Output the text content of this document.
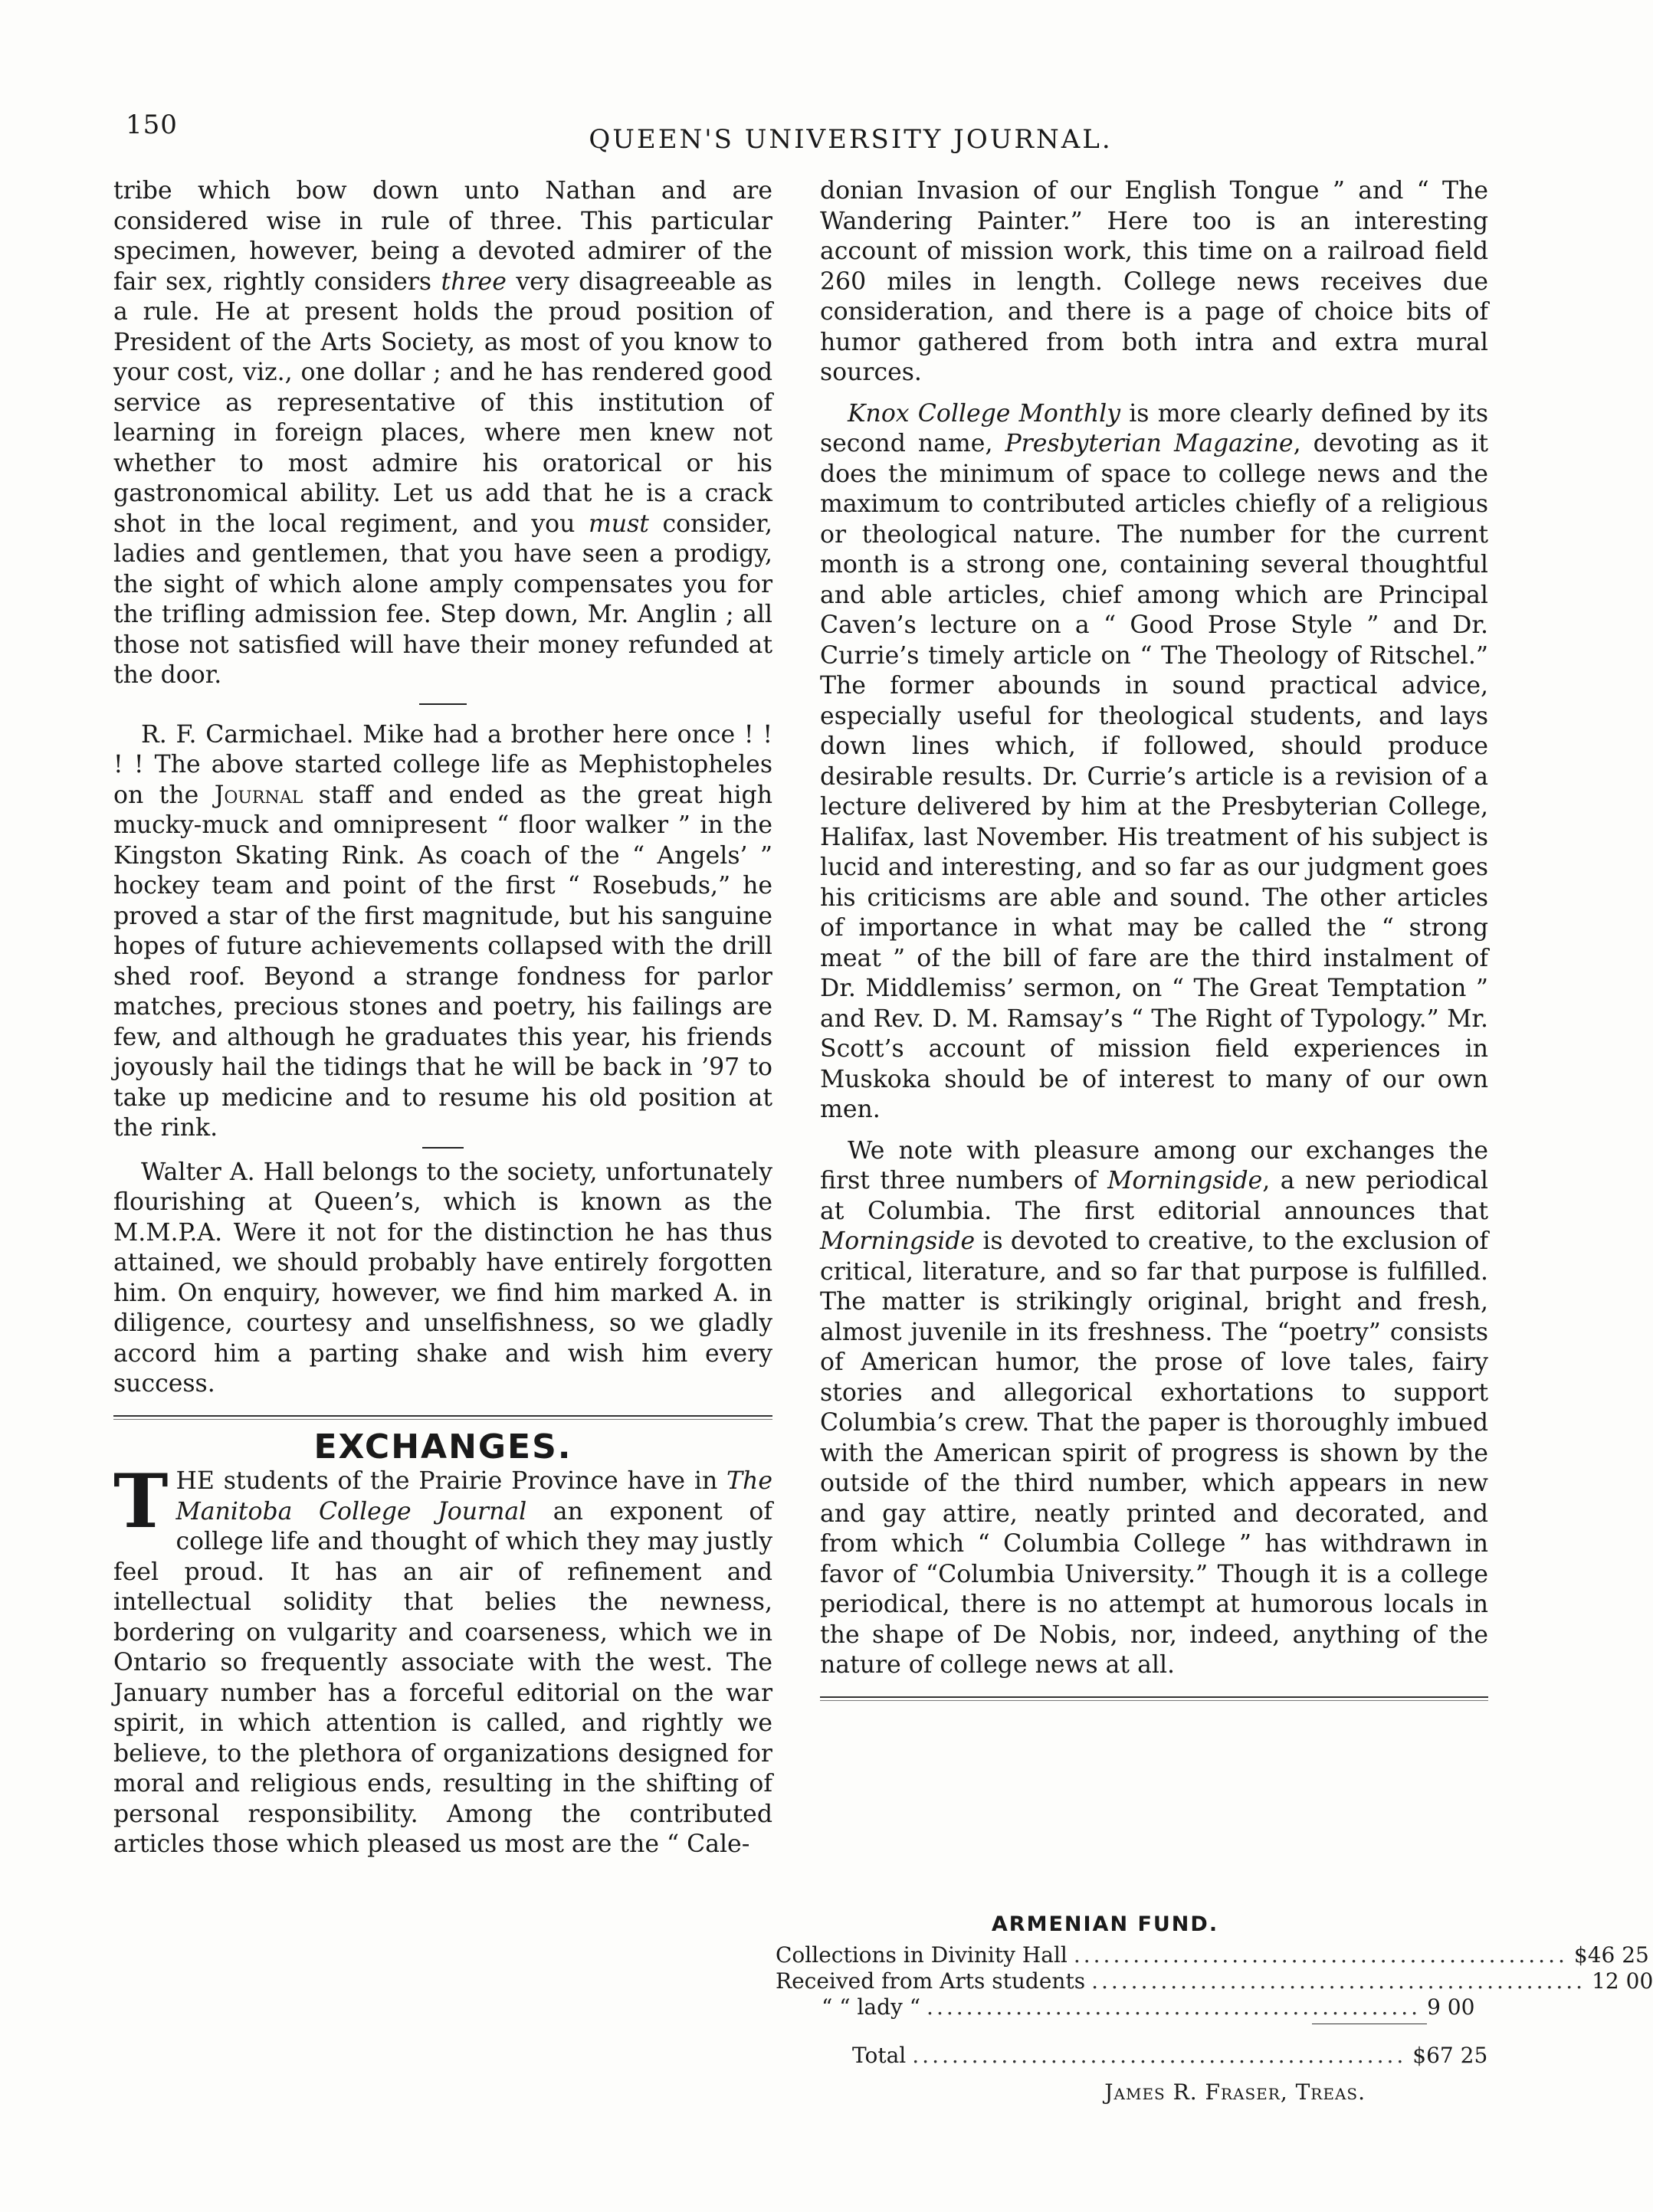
150	QUEEN'S UNIVERSITY JOURNAL.

tribe which bow down unto Nathan and are considered wise in rule of three. This particular specimen, however, being a devoted admirer of the fair sex, rightly considers three very disagreeable as a rule. He at present holds the proud position of President of the Arts Society, as most of you know to your cost, viz., one dollar ; and he has rendered good service as representative of this institution of learning in foreign places, where men knew not whether to most admire his oratorical or his gastronomical ability. Let us add that he is a crack shot in the local regiment, and you must consider, ladies and gentlemen, that you have seen a prodigy, the sight of which alone amply compensates you for the trifling admission fee. Step down, Mr. Anglin ; all those not satisfied will have their money refunded at the door.

R. F. Carmichael. Mike had a brother here once ! ! ! ! The above started college life as Mephistopheles on the Journal staff and ended as the great high mucky-muck and omnipresent “ floor walker ” in the Kingston Skating Rink. As coach of the “ Angels’ ” hockey team and point of the first “ Rosebuds,” he proved a star of the first magnitude, but his sanguine hopes of future achievements collapsed with the drill shed roof. Beyond a strange fondness for parlor matches, precious stones and poetry, his failings are few, and although he graduates this year, his friends joyously hail the tidings that he will be back in ’97 to take up medicine and to resume his old position at the rink.

Walter A. Hall belongs to the society, unfortunately flourishing at Queen’s, which is known as the M.M.P.A. Were it not for the distinction he has thus attained, we should probably have entirely forgotten him. On enquiry, however, we find him marked A. in diligence, courtesy and unselfishness, so we gladly accord him a parting shake and wish him every success.

EXCHANGES.

THE students of the Prairie Province have in The Manitoba College Journal an exponent of college life and thought of which they may justly feel proud. It has an air of refinement and intellectual solidity that belies the newness, bordering on vulgarity and coarseness, which we in Ontario so frequently associate with the west. The January number has a forceful editorial on the war spirit, in which attention is called, and rightly we believe, to the plethora of organizations designed for moral and religious ends, resulting in the shifting of personal responsibility. Among the contributed articles those which pleased us most are the “ Cale-

donian Invasion of our English Tongue ” and “ The Wandering Painter.” Here too is an interesting account of mission work, this time on a railroad field 260 miles in length. College news receives due consideration, and there is a page of choice bits of humor gathered from both intra and extra mural sources.

Knox College Monthly is more clearly defined by its second name, Presbyterian Magazine, devoting as it does the minimum of space to college news and the maximum to contributed articles chiefly of a religious or theological nature. The number for the current month is a strong one, containing several thoughtful and able articles, chief among which are Principal Caven’s lecture on a “ Good Prose Style ” and Dr. Currie’s timely article on “ The Theology of Ritschel.” The former abounds in sound practical advice, especially useful for theological students, and lays down lines which, if followed, should produce desirable results. Dr. Currie’s article is a revision of a lecture delivered by him at the Presbyterian College, Halifax, last November. His treatment of his subject is lucid and interesting, and so far as our judgment goes his criticisms are able and sound. The other articles of importance in what may be called the “ strong meat ” of the bill of fare are the third instalment of Dr. Middlemiss’ sermon, on “ The Great Temptation ” and Rev. D. M. Ramsay’s “ The Right of Typology.” Mr. Scott’s account of mission field experiences in Muskoka should be of interest to many of our own men.

We note with pleasure among our exchanges the first three numbers of Morningside, a new periodical at Columbia. The first editorial announces that Morningside is devoted to creative, to the exclusion of critical, literature, and so far that purpose is fulfilled. The matter is strikingly original, bright and fresh, almost juvenile in its freshness. The “poetry” consists of American humor, the prose of love tales, fairy stories and allegorical exhortations to support Columbia’s crew. That the paper is thoroughly imbued with the American spirit of progress is shown by the outside of the third number, which appears in new and gay attire, neatly printed and decorated, and from which “ Columbia College ” has withdrawn in favor of “Columbia University.” Though it is a college periodical, there is no attempt at humorous locals in the shape of De Nobis, nor, indeed, anything of the nature of college news at all.

ARMENIAN FUND.
Collections in Divinity Hall .................................................. $46 25
Received from Arts students .................................................. 12 00
“ “ lady “ .................................................. 9 00
Total .................................................. $67 25
James R. Fraser, Treas.
